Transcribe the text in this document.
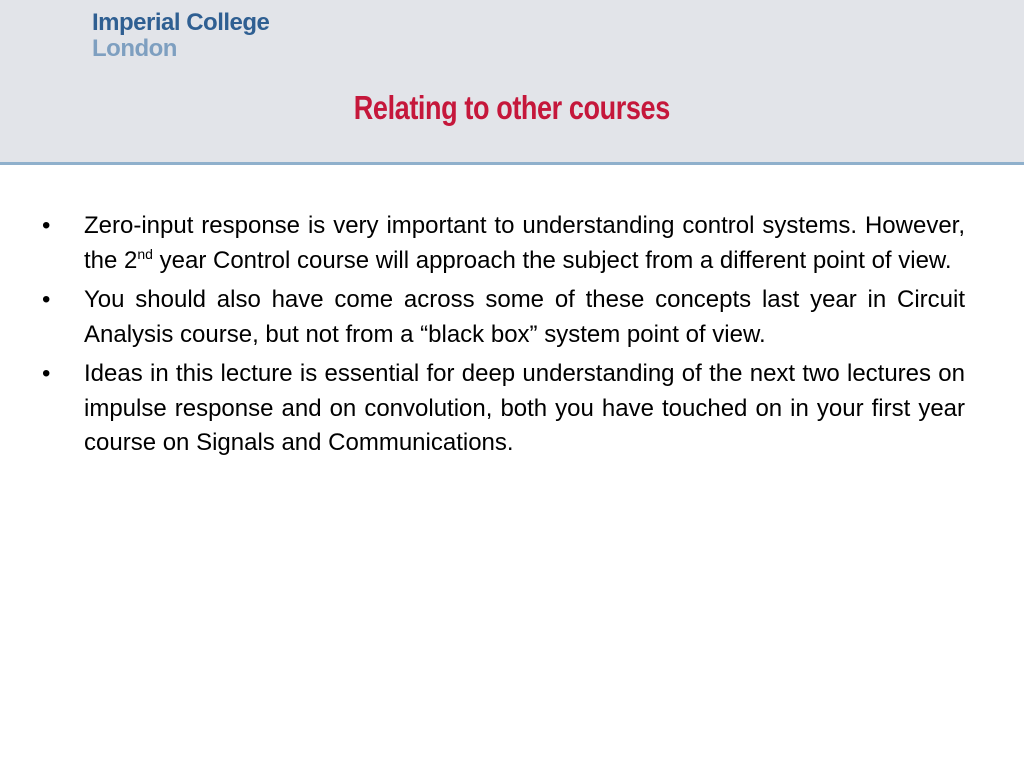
Imperial College
London
Relating to other courses
•	Zero-input response is very important to understanding control systems. However, the 2nd year Control course will approach the subject from a different point of view.
•	You should also have come across some of these concepts last year in Circuit Analysis course, but not from a “black box” system point of view.
•	Ideas in this lecture is essential for deep understanding of the next two lectures on impulse response and on convolution, both you have touched on in your first year course on Signals and Communications.
